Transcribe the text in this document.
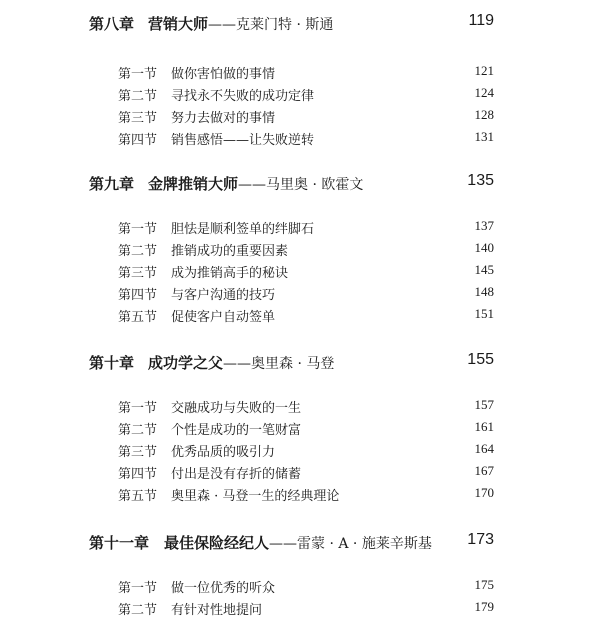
第八章 营销大师——克莱门特 · 斯通	119
第一节 做你害怕做的事情	121
第二节 寻找永不失败的成功定律	124
第三节 努力去做对的事情	128
第四节 销售感悟——让失败逆转	131
第九章 金牌推销大师——马里奥 · 欧霍文	135
第一节 胆怯是顺利签单的绊脚石	137
第二节 推销成功的重要因素	140
第三节 成为推销高手的秘诀	145
第四节 与客户沟通的技巧	148
第五节 促使客户自动签单	151
第十章 成功学之父——奥里森 · 马登	155
第一节 交融成功与失败的一生	157
第二节 个性是成功的一笔财富	161
第三节 优秀品质的吸引力	164
第四节 付出是没有存折的储蓄	167
第五节 奥里森 · 马登一生的经典理论	170
第十一章 最佳保险经纪人——雷蒙 · A · 施莱辛斯基 173
第一节 做一位优秀的听众	175
第二节 有针对性地提问	179
